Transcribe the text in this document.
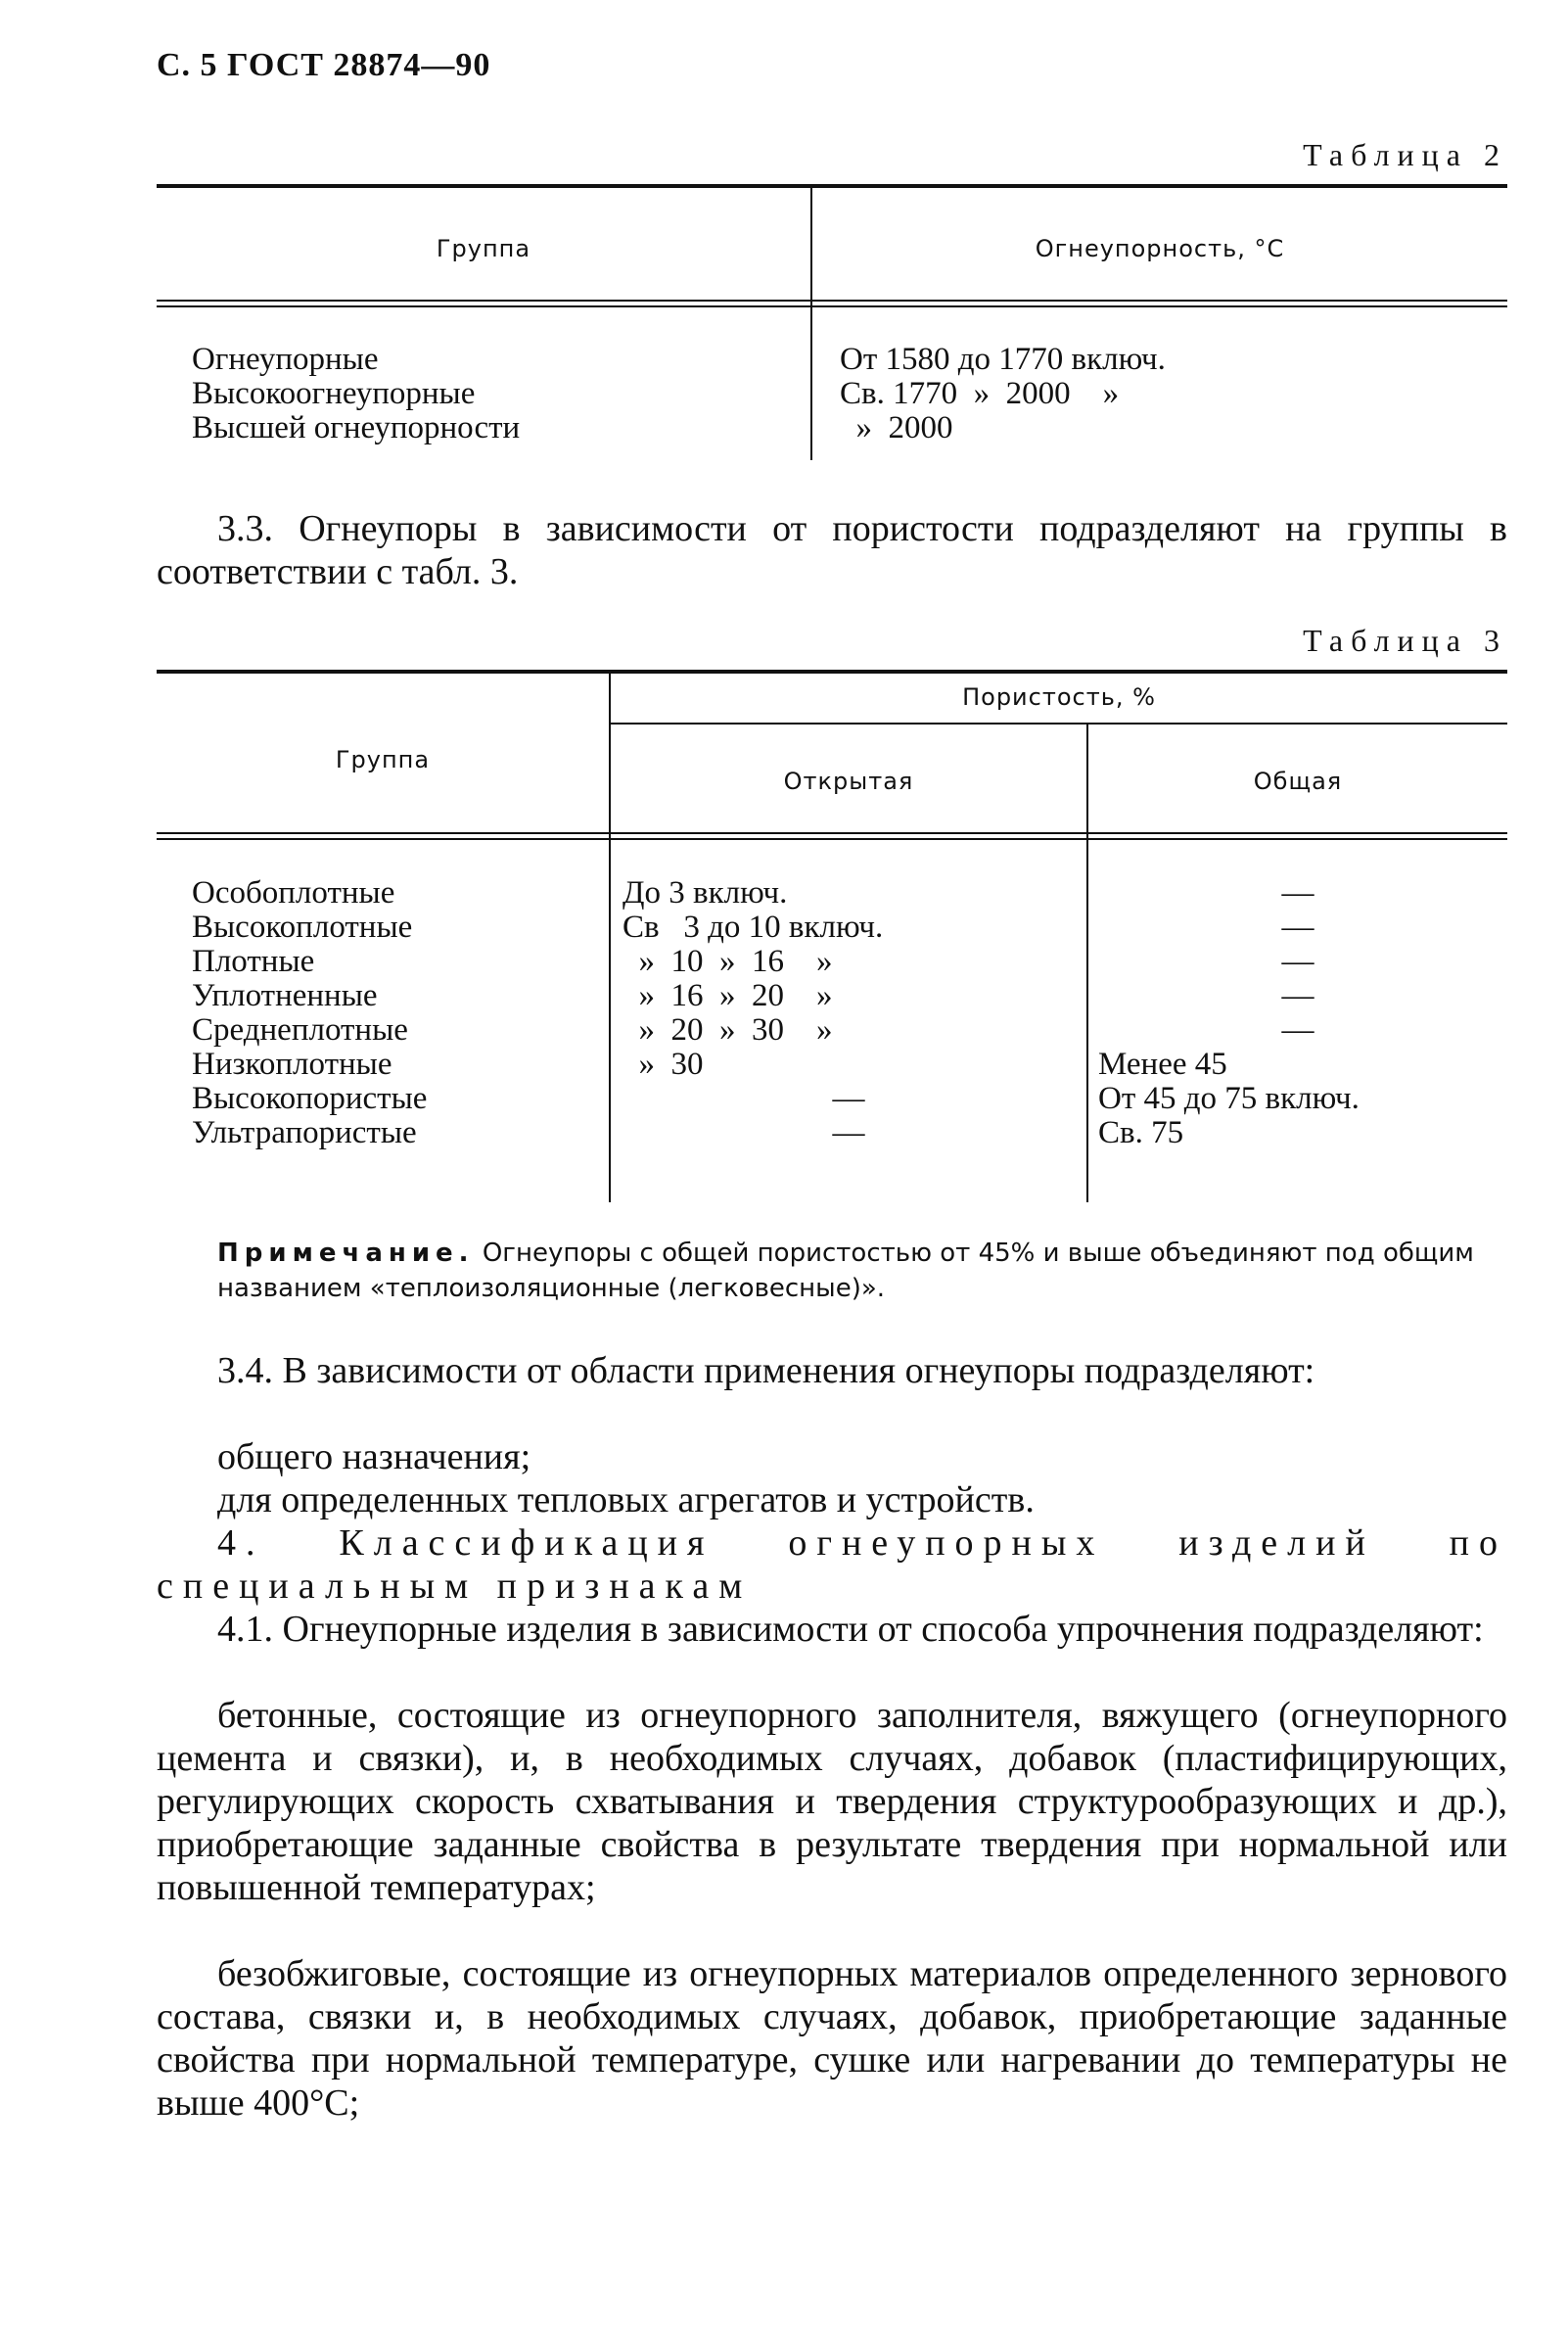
С. 5 ГОСТ 28874—90
Таблица 2
Группа	Огнеупорность, °С
Огнеупорные
Высокоогнеупорные
Высшей огнеупорности
От 1580 до 1770 включ.
Св. 1770  »  2000    »
»  2000
3.3. Огнеупоры в зависимости от пористости подразделяют на группы в соответствии с табл. 3.
Таблица 3
Группа
Пористость, %
Открытая	Общая
Особоплотные
Высокоплотные
Плотные
Уплотненные
Среднеплотные
Низкоплотные
Высокопористые
Ультрапористые
До 3 включ.
Св   3 до 10 включ.
»  10  »  16    »
»  16  »  20    »
»  20  »  30    »
»  30
—
—
—
—
—
—
—
Менее 45
От 45 до 75 включ.
Св. 75
Примечание. Огнеупоры с общей пористостью от 45% и выше объединяют под общим названием «теплоизоляционные (легковесные)».
3.4. В зависимости от области применения огнеупоры подразделяют:
общего назначения;
для определенных тепловых агрегатов и устройств.
4. Классификация огнеупорных изделий по специальным признакам
4.1. Огнеупорные изделия в зависимости от способа упрочнения подразделяют:
бетонные, состоящие из огнеупорного заполнителя, вяжущего (огнеупорного цемента и связки), и, в необходимых случаях, добавок (пластифицирующих, регулирующих скорость схватывания и твердения структурообразующих и др.), приобретающие заданные свойства в результате твердения при нормальной или повышенной температурах;
безобжиговые, состоящие из огнеупорных материалов определенного зернового состава, связки и, в необходимых случаях, добавок, приобретающие заданные свойства при нормальной температуре, сушке или нагревании до температуры не выше 400°С;
